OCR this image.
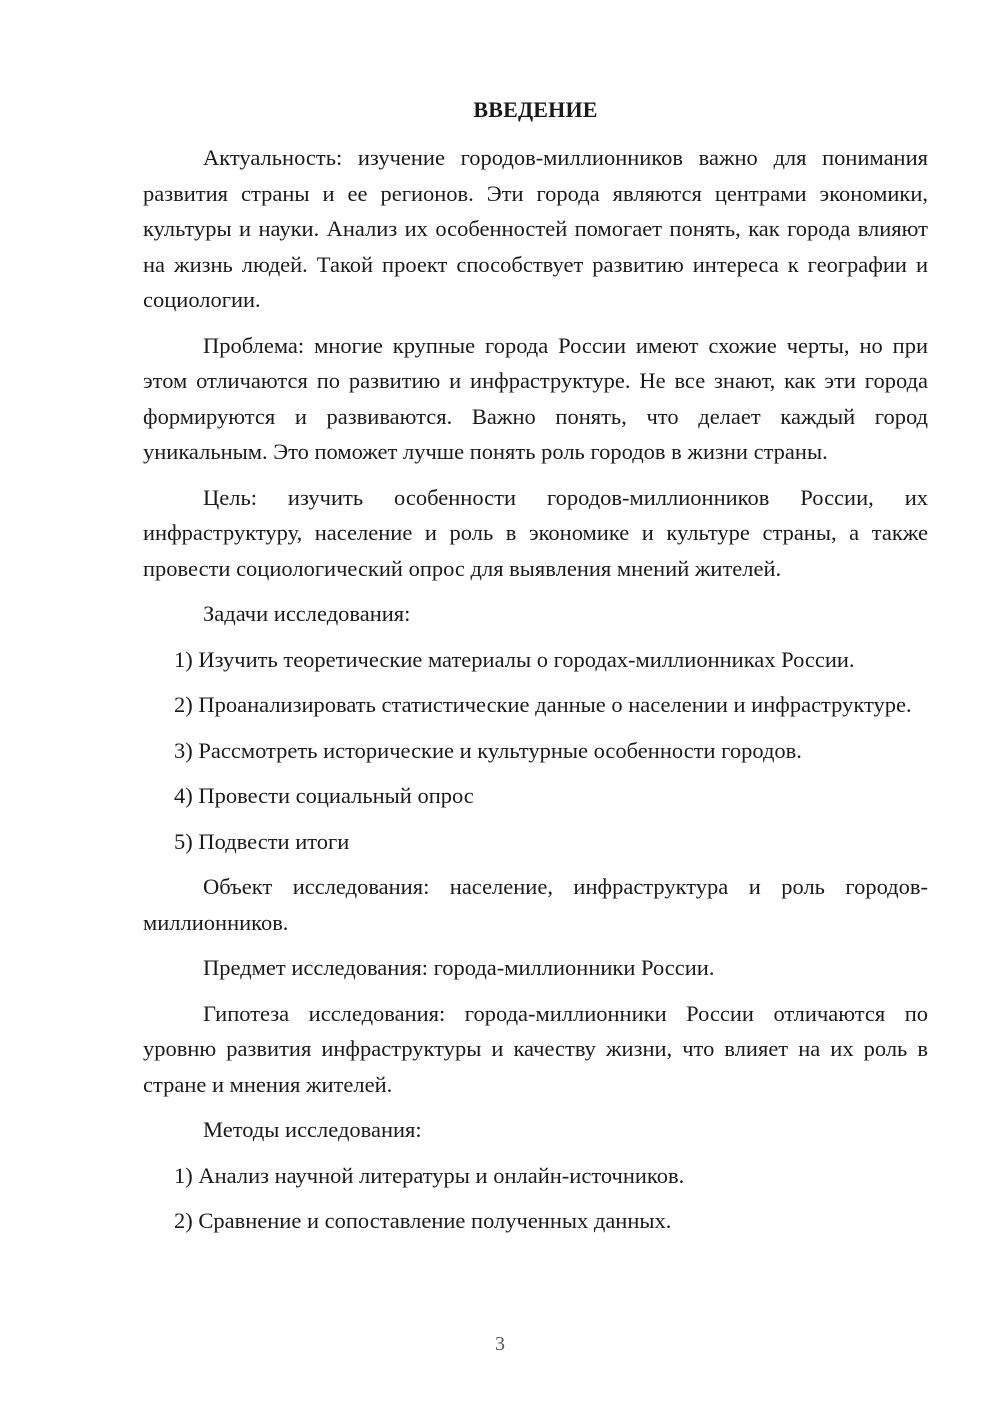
ВВЕДЕНИЕ

Актуальность: изучение городов-миллионников важно для понимания развития страны и ее регионов. Эти города являются центрами экономики, культуры и науки. Анализ их особенностей помогает понять, как города влияют на жизнь людей. Такой проект способствует развитию интереса к географии и социологии.

Проблема: многие крупные города России имеют схожие черты, но при этом отличаются по развитию и инфраструктуре. Не все знают, как эти города формируются и развиваются. Важно понять, что делает каждый город уникальным. Это поможет лучше понять роль городов в жизни страны.

Цель: изучить особенности городов-миллионников России, их инфраструктуру, население и роль в экономике и культуре страны, а также провести социологический опрос для выявления мнений жителей.

Задачи исследования:

1) Изучить теоретические материалы о городах-миллионниках России.

2) Проанализировать статистические данные о населении и инфраструктуре.

3) Рассмотреть исторические и культурные особенности городов.

4) Провести социальный опрос

5) Подвести итоги

Объект исследования: население, инфраструктура и роль городов-миллионников.

Предмет исследования: города-миллионники России.

Гипотеза исследования: города-миллионники России отличаются по уровню развития инфраструктуры и качеству жизни, что влияет на их роль в стране и мнения жителей.

Методы исследования:

1) Анализ научной литературы и онлайн-источников.

2) Сравнение и сопоставление полученных данных.

3
